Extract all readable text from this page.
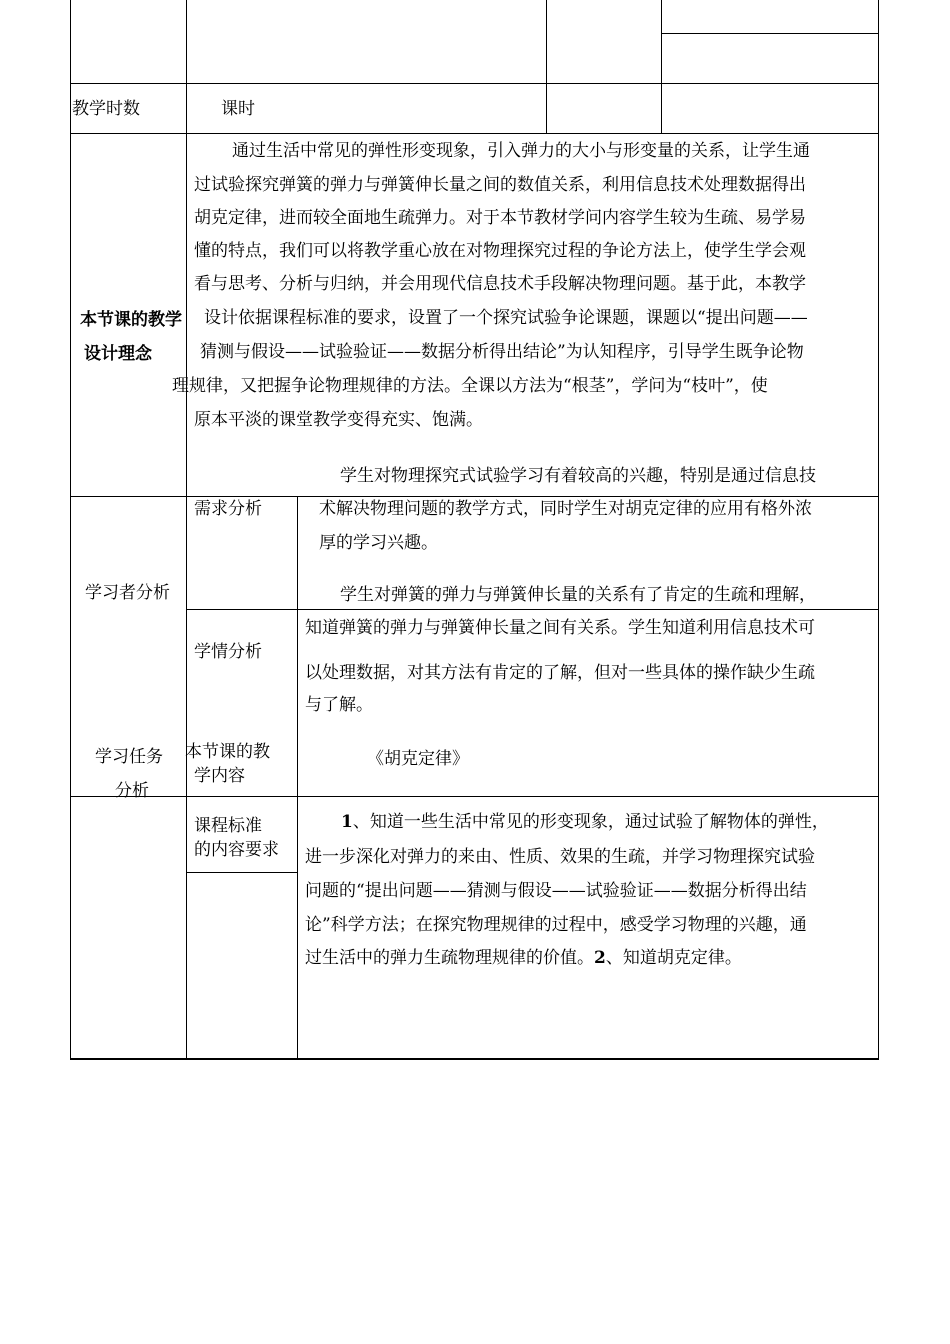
教学时数	课时
本节课的教学
设计理念
通过生活中常见的弹性形变现象，引入弹力的大小与形变量的关系，让学生通
过试验探究弹簧的弹力与弹簧伸长量之间的数值关系，利用信息技术处理数据得出
胡克定律，进而较全面地生疏弹力。对于本节教材学问内容学生较为生疏、易学易
懂的特点，我们可以将教学重心放在对物理探究过程的争论方法上，使学生学会观
看与思考、分析与归纳，并会用现代信息技术手段解决物理问题。基于此，本教学
设计依据课程标准的要求，设置了一个探究试验争论课题，课题以“提出问题——
猜测与假设——试验验证——数据分析得出结论”为认知程序，引导学生既争论物
理规律，又把握争论物理规律的方法。全课以方法为“根茎”，学问为“枝叶”，使
原本平淡的课堂教学变得充实、饱满。
学习者分析
需求分析
学生对物理探究式试验学习有着较高的兴趣，特别是通过信息技
术解决物理问题的教学方式，同时学生对胡克定律的应用有格外浓
厚的学习兴趣。
学情分析
学生对弹簧的弹力与弹簧伸长量的关系有了肯定的生疏和理解，
知道弹簧的弹力与弹簧伸长量之间有关系。学生知道利用信息技术可
以处理数据，对其方法有肯定的了解，但对一些具体的操作缺少生疏
与了解。
学习任务
分析
本节课的教
学内容
《胡克定律》
课程标准
的内容要求
1、知道一些生活中常见的形变现象，通过试验了解物体的弹性，
进一步深化对弹力的来由、性质、效果的生疏，并学习物理探究试验
问题的“提出问题——猜测与假设——试验验证——数据分析得出结
论”科学方法；在探究物理规律的过程中，感受学习物理的兴趣，通
过生活中的弹力生疏物理规律的价值。2、知道胡克定律。
